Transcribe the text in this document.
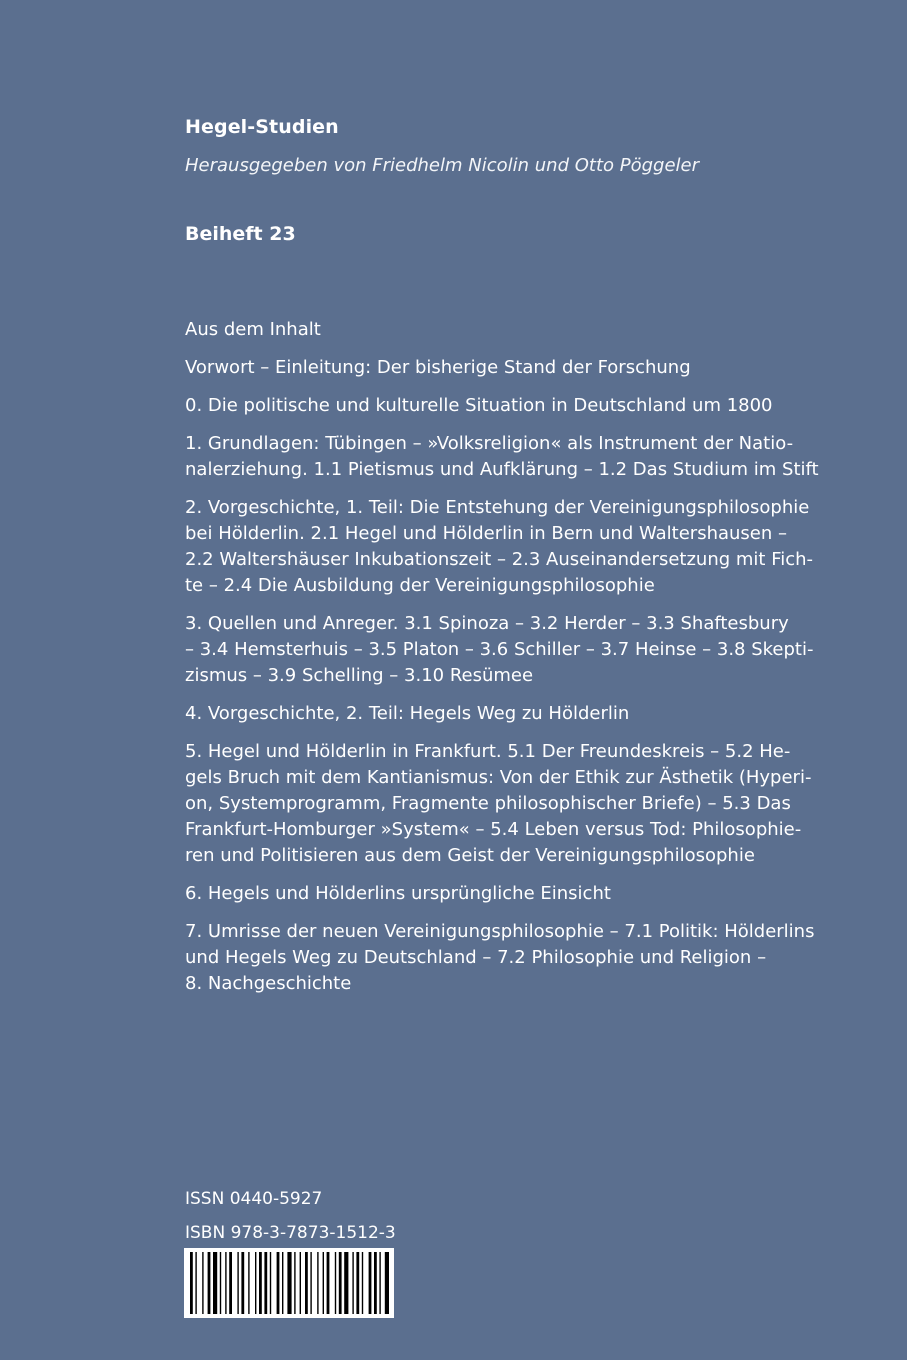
Hegel-Studien

Herausgegeben von Friedhelm Nicolin und Otto Pöggeler

Beiheft 23

Aus dem Inhalt

Vorwort – Einleitung: Der bisherige Stand der Forschung

0. Die politische und kulturelle Situation in Deutschland um 1800

1. Grundlagen: Tübingen – »Volksreligion« als Instrument der Natio-
nalerziehung. 1.1 Pietismus und Aufklärung – 1.2 Das Studium im Stift

2. Vorgeschichte, 1. Teil: Die Entstehung der Vereinigungsphilosophie
bei Hölderlin. 2.1 Hegel und Hölderlin in Bern und Waltershausen –
2.2 Waltershäuser Inkubationszeit – 2.3 Auseinandersetzung mit Fich-
te – 2.4 Die Ausbildung der Vereinigungsphilosophie

3. Quellen und Anreger. 3.1 Spinoza – 3.2 Herder – 3.3 Shaftesbury
– 3.4 Hemsterhuis – 3.5 Platon – 3.6 Schiller – 3.7 Heinse – 3.8 Skepti-
zismus – 3.9 Schelling – 3.10 Resümee

4. Vorgeschichte, 2. Teil: Hegels Weg zu Hölderlin

5. Hegel und Hölderlin in Frankfurt. 5.1 Der Freundeskreis – 5.2 He-
gels Bruch mit dem Kantianismus: Von der Ethik zur Ästhetik (Hyperi-
on, Systemprogramm, Fragmente philosophischer Briefe) – 5.3 Das
Frankfurt-Homburger »System« – 5.4 Leben versus Tod: Philosophie-
ren und Politisieren aus dem Geist der Vereinigungsphilosophie

6. Hegels und Hölderlins ursprüngliche Einsicht

7. Umrisse der neuen Vereinigungsphilosophie – 7.1 Politik: Hölderlins
und Hegels Weg zu Deutschland – 7.2 Philosophie und Religion –
8. Nachgeschichte

ISSN 0440-5927
ISBN 978-3-7873-1512-3
